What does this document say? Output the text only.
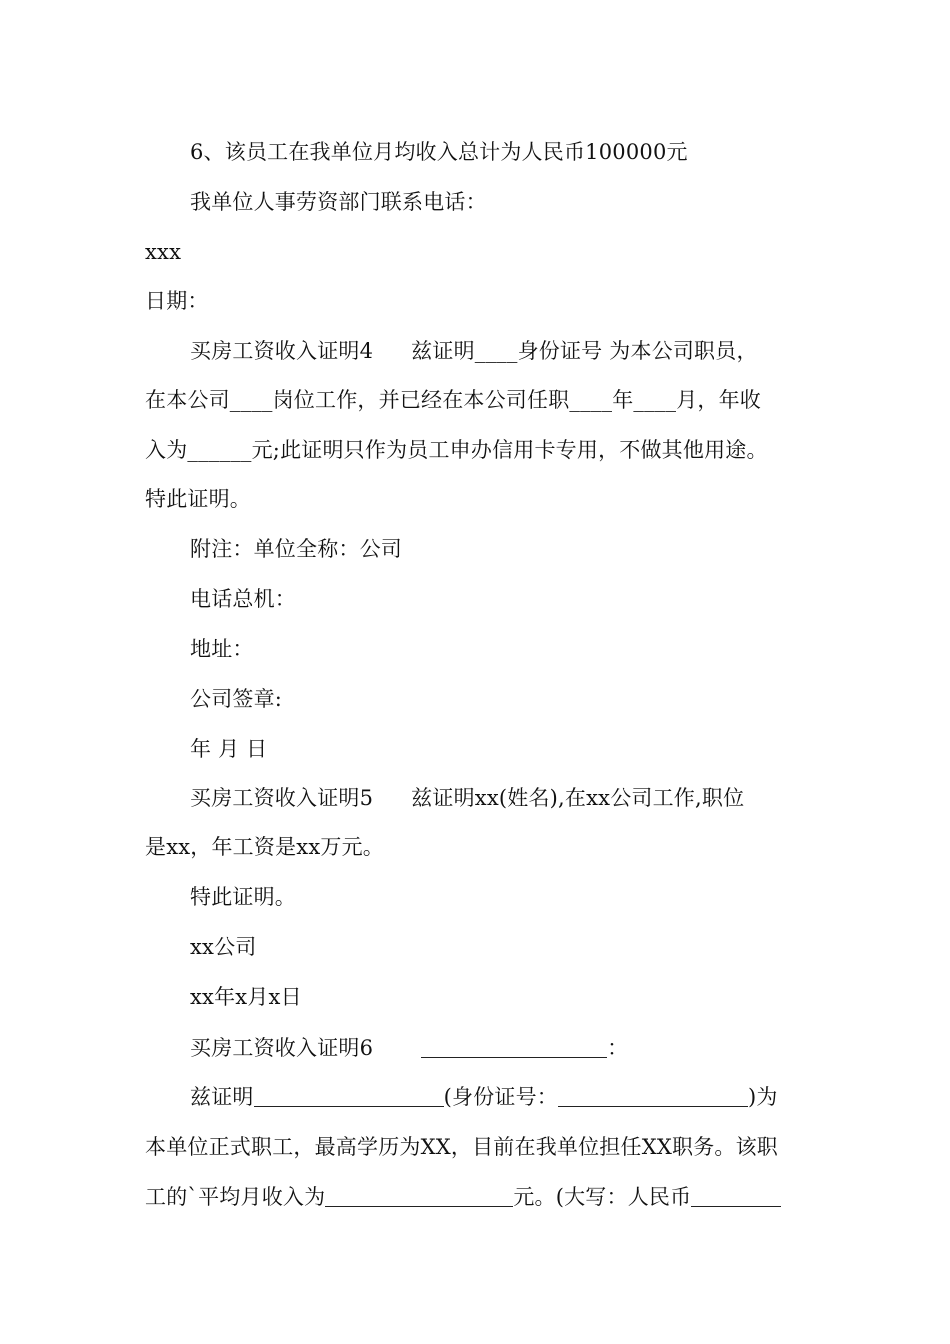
6、该员工在我单位月均收入总计为人民币100000元
我单位人事劳资部门联系电话：
xxx
日期：
买房工资收入证明4 兹证明____身份证号 为本公司职员，
在本公司____岗位工作，并已经在本公司任职____年____月，年收
入为______元;此证明只作为员工申办信用卡专用，不做其他用途。
特此证明。
附注：单位全称：公司
电话总机：
地址：
公司签章:
年 月 日
买房工资收入证明5 兹证明xx(姓名),在xx公司工作,职位
是xx，年工资是xx万元。
特此证明。
xx公司
xx年x月x日
买房工资收入证明6	：
兹证明	(身份证号：	)为
本单位正式职工，最高学历为XX，目前在我单位担任XX职务。该职
工的`平均月收入为	元。(大写：人民币
